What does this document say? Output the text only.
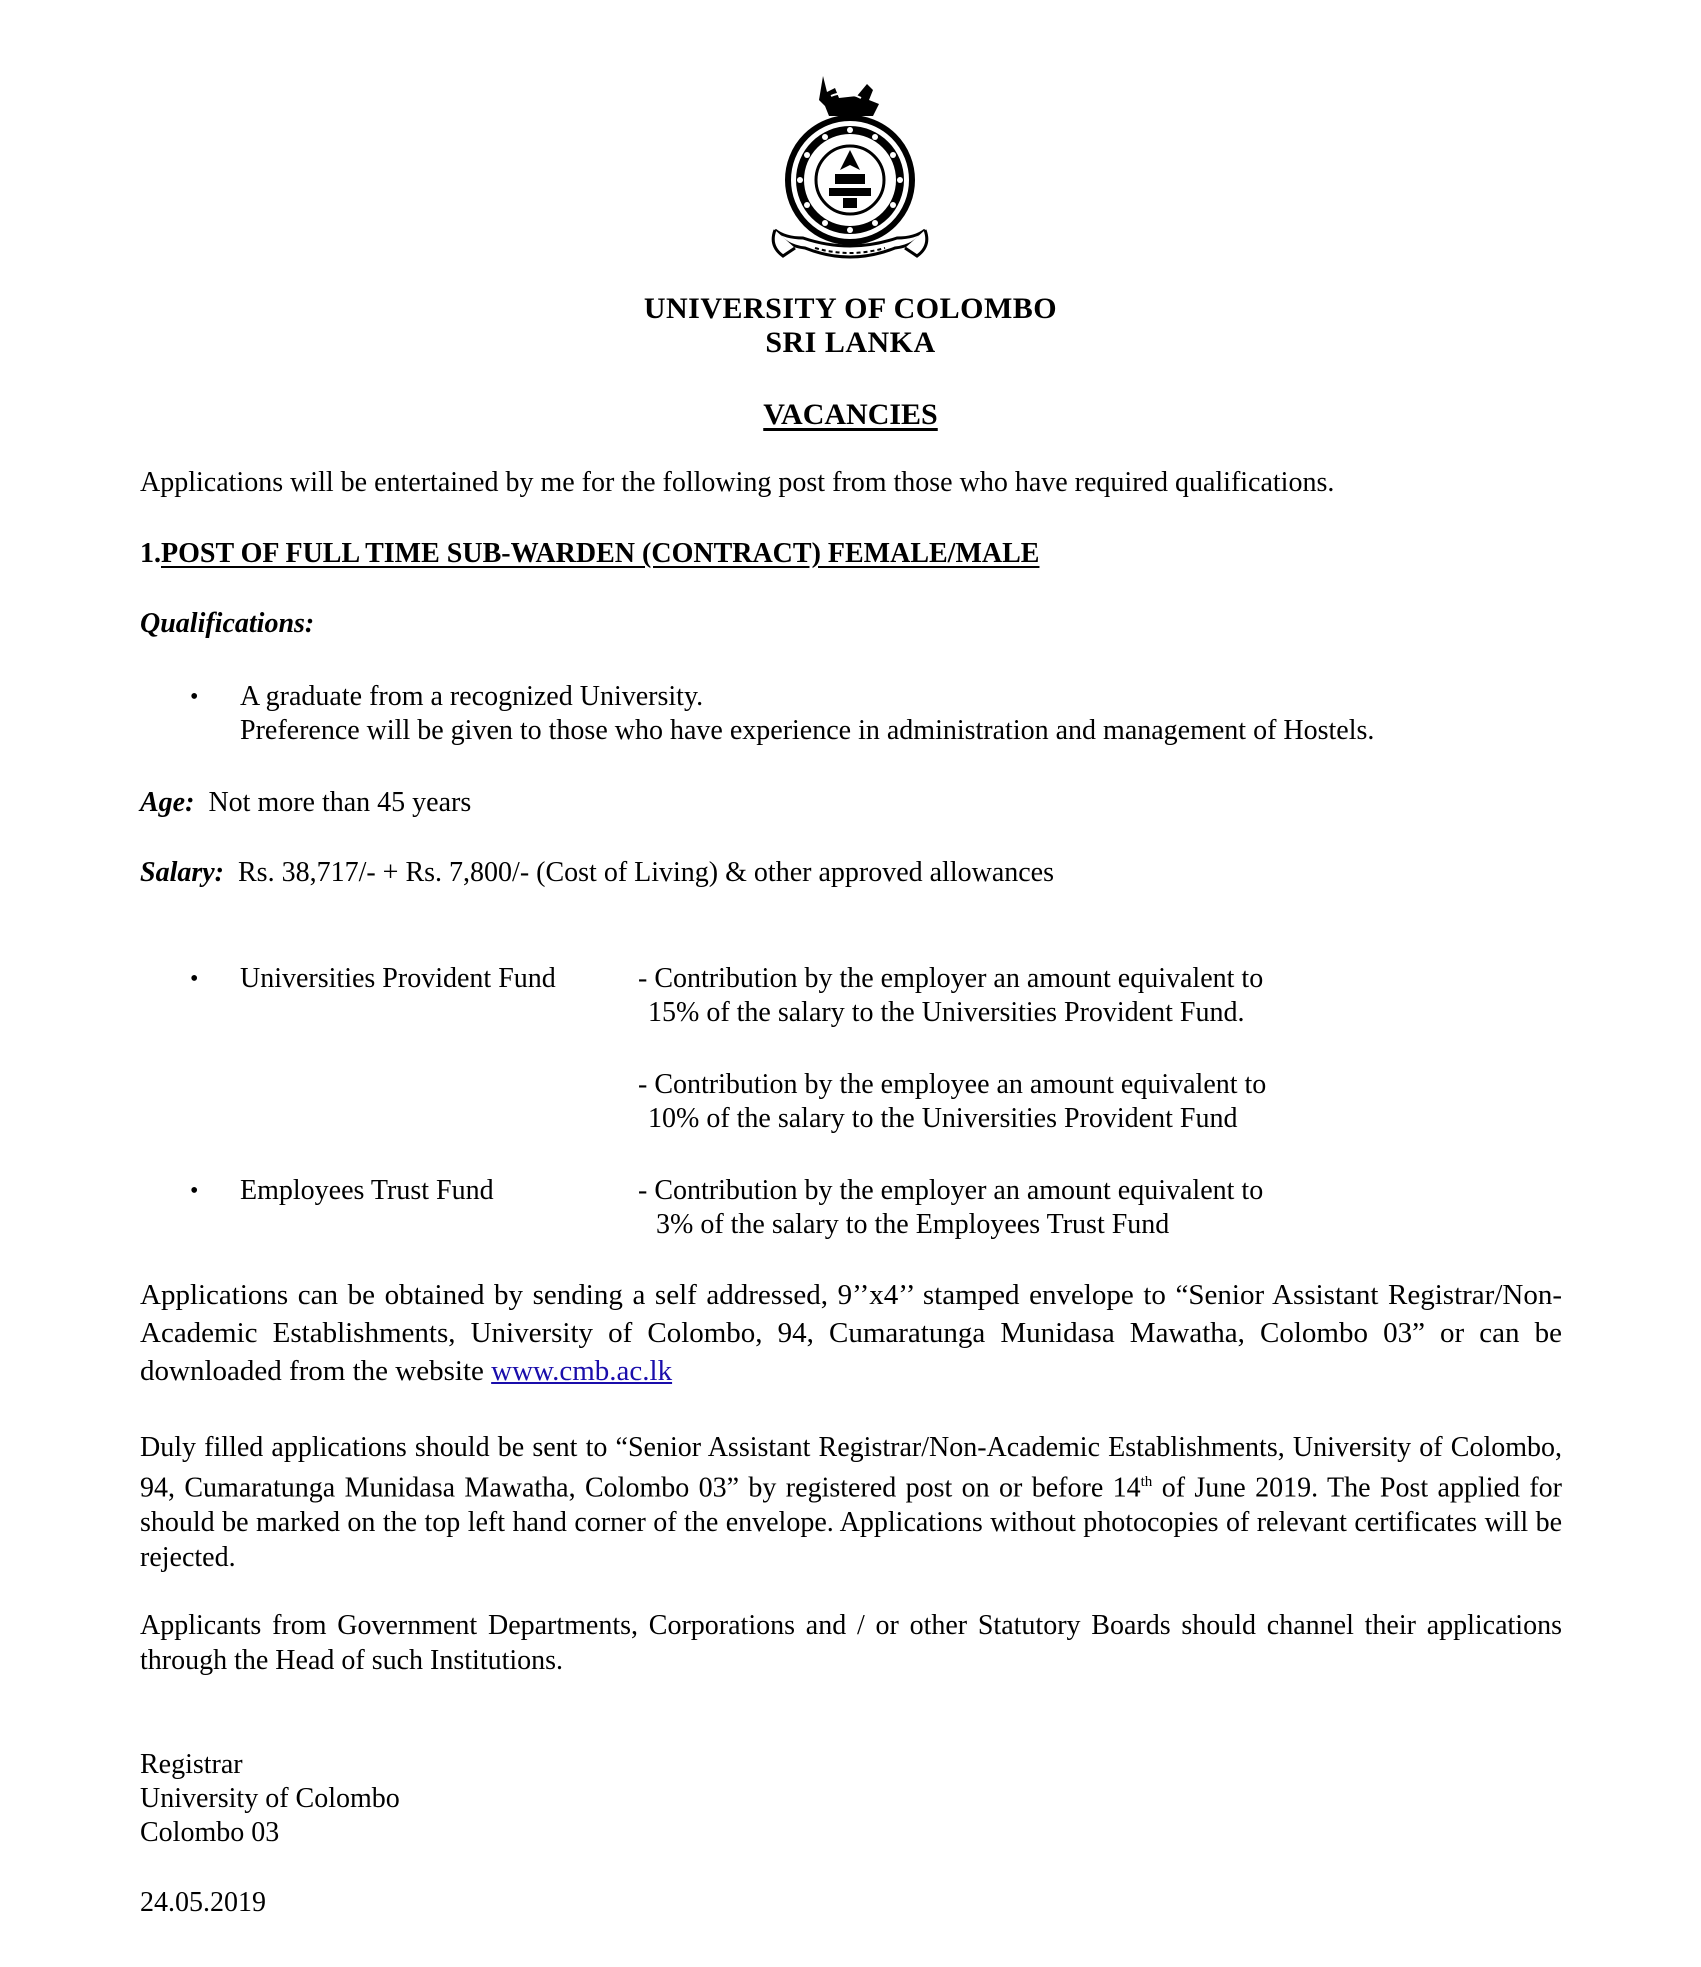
UNIVERSITY OF COLOMBO
SRI LANKA
VACANCIES
Applications will be entertained by me for the following post from those who have required qualifications.
1.POST OF FULL TIME SUB-WARDEN (CONTRACT) FEMALE/MALE
Qualifications:
• A graduate from a recognized University.
Preference will be given to those who have experience in administration and management of Hostels.
Age: Not more than 45 years
Salary: Rs. 38,717/- + Rs. 7,800/- (Cost of Living) & other approved allowances
• Universities Provident Fund	- Contribution by the employer an amount equivalent to
15% of the salary to the Universities Provident Fund.
- Contribution by the employee an amount equivalent to
10% of the salary to the Universities Provident Fund
• Employees Trust Fund	- Contribution by the employer an amount equivalent to
3% of the salary to the Employees Trust Fund
Applications can be obtained by sending a self addressed, 9’’x4’’ stamped envelope to “Senior Assistant Registrar/Non-Academic Establishments, University of Colombo, 94, Cumaratunga Munidasa Mawatha, Colombo 03” or can be downloaded from the website www.cmb.ac.lk
Duly filled applications should be sent to “Senior Assistant Registrar/Non-Academic Establishments, University of Colombo, 94, Cumaratunga Munidasa Mawatha, Colombo 03” by registered post on or before 14th of June 2019. The Post applied for should be marked on the top left hand corner of the envelope. Applications without photocopies of relevant certificates will be rejected.
Applicants from Government Departments, Corporations and / or other Statutory Boards should channel their applications through the Head of such Institutions.
Registrar
University of Colombo
Colombo 03
24.05.2019
